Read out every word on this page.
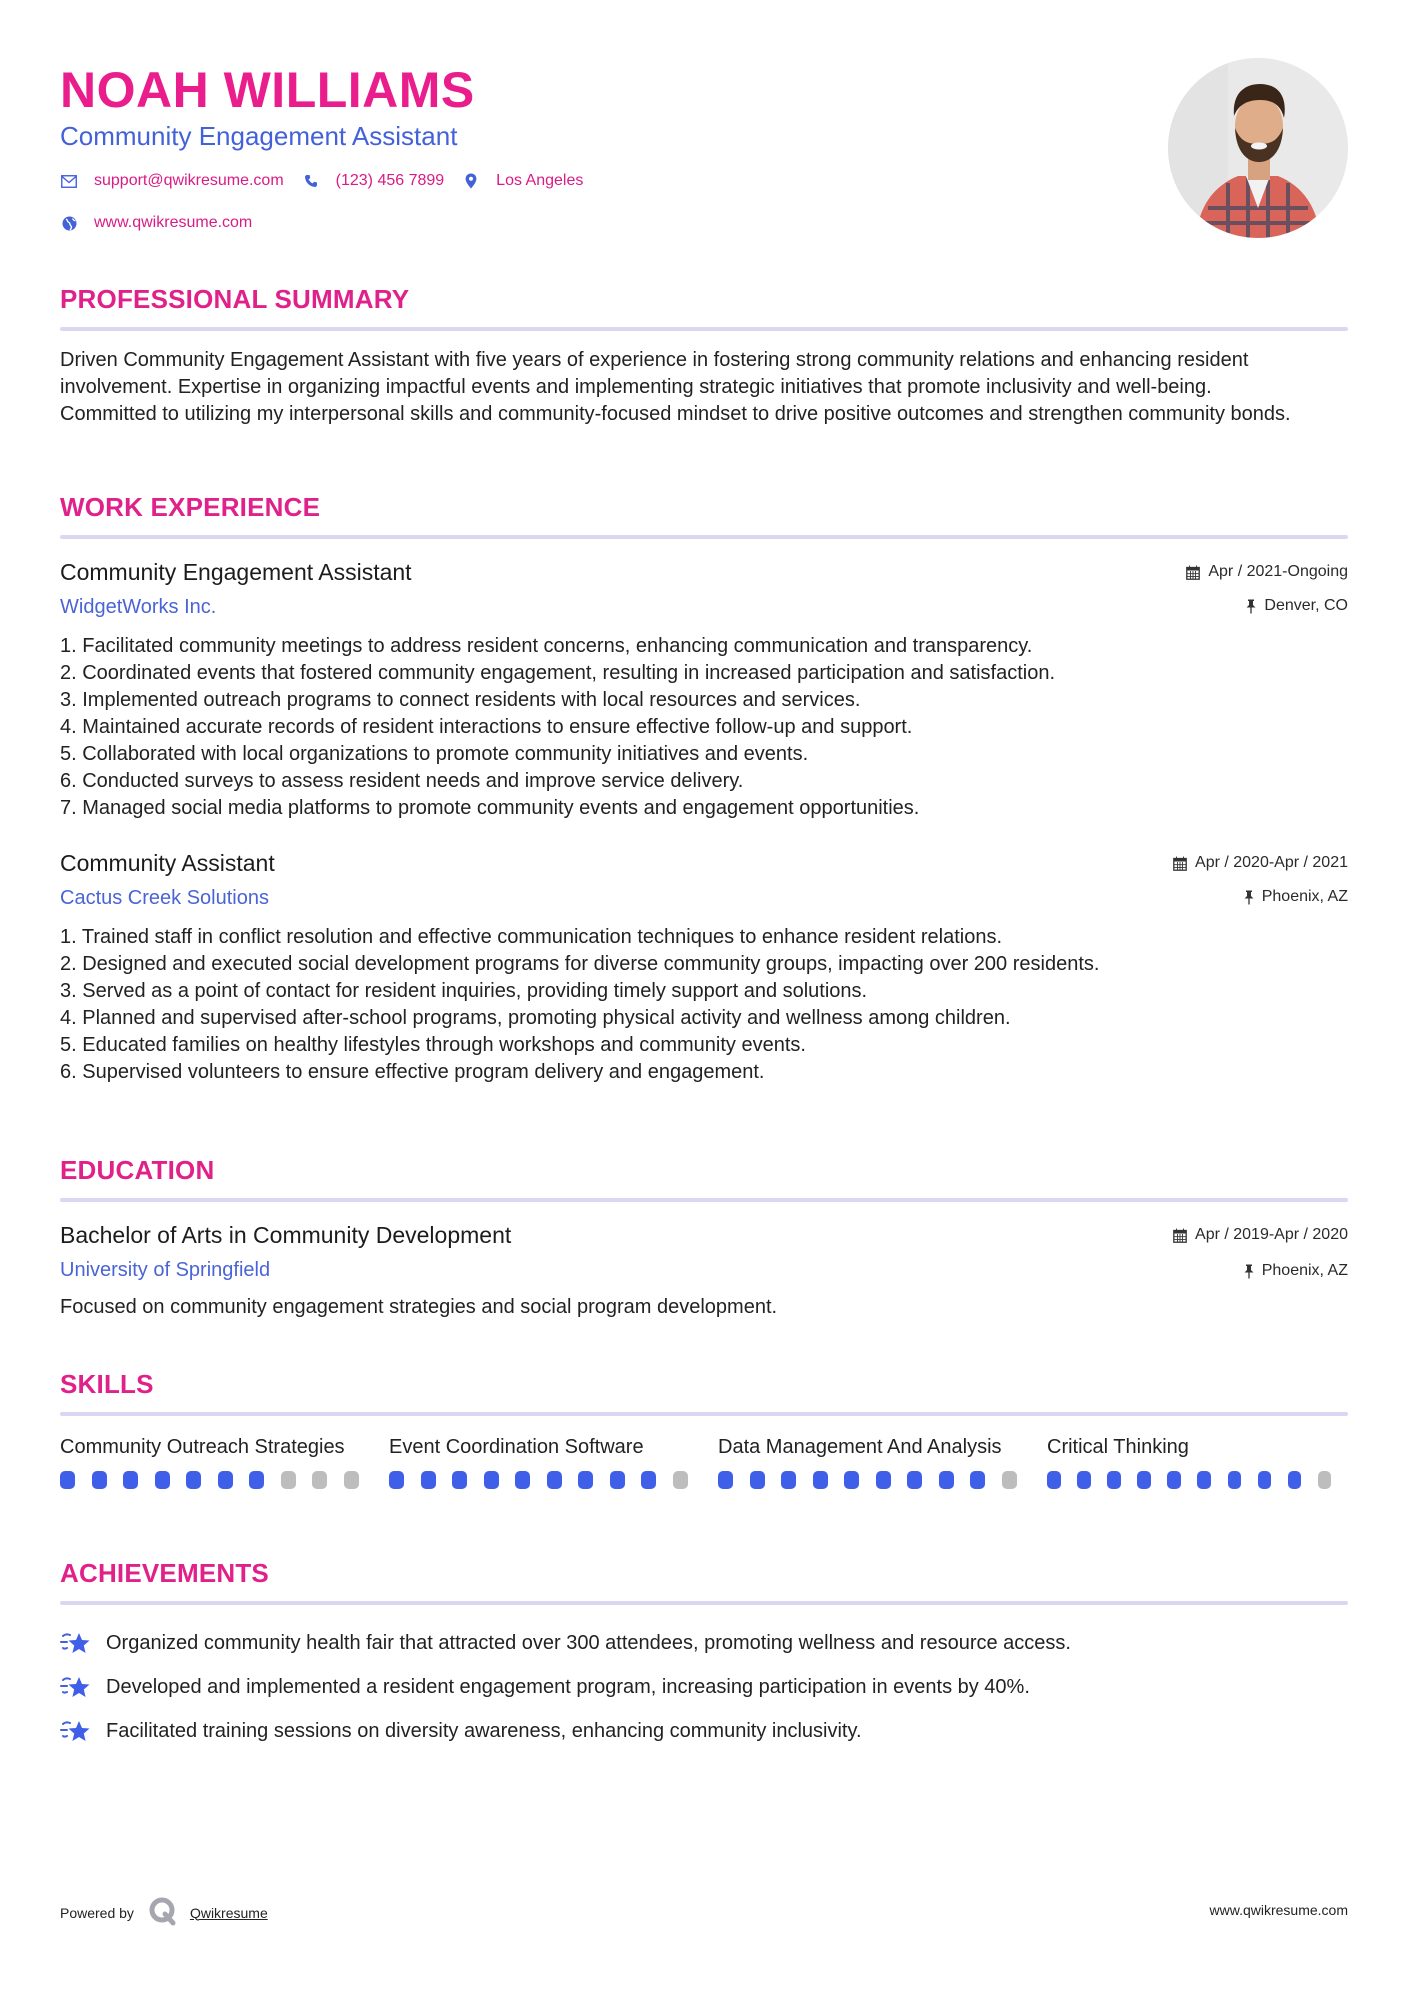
NOAH WILLIAMS
Community Engagement Assistant
support@qwikresume.com	(123) 456 7899	Los Angeles
www.qwikresume.com
PROFESSIONAL SUMMARY
Driven Community Engagement Assistant with five years of experience in fostering strong community relations and enhancing resident involvement. Expertise in organizing impactful events and implementing strategic initiatives that promote inclusivity and well-being. Committed to utilizing my interpersonal skills and community-focused mindset to drive positive outcomes and strengthen community bonds.
WORK EXPERIENCE
Community Engagement Assistant
WidgetWorks Inc.
Apr / 2021-Ongoing
Denver, CO
1. Facilitated community meetings to address resident concerns, enhancing communication and transparency.
2. Coordinated events that fostered community engagement, resulting in increased participation and satisfaction.
3. Implemented outreach programs to connect residents with local resources and services.
4. Maintained accurate records of resident interactions to ensure effective follow-up and support.
5. Collaborated with local organizations to promote community initiatives and events.
6. Conducted surveys to assess resident needs and improve service delivery.
7. Managed social media platforms to promote community events and engagement opportunities.
Community Assistant
Cactus Creek Solutions
Apr / 2020-Apr / 2021
Phoenix, AZ
1. Trained staff in conflict resolution and effective communication techniques to enhance resident relations.
2. Designed and executed social development programs for diverse community groups, impacting over 200 residents.
3. Served as a point of contact for resident inquiries, providing timely support and solutions.
4. Planned and supervised after-school programs, promoting physical activity and wellness among children.
5. Educated families on healthy lifestyles through workshops and community events.
6. Supervised volunteers to ensure effective program delivery and engagement.
EDUCATION
Bachelor of Arts in Community Development
University of Springfield
Apr / 2019-Apr / 2020
Phoenix, AZ
Focused on community engagement strategies and social program development.
SKILLS
Community Outreach Strategies	Event Coordination Software	Data Management And Analysis	Critical Thinking
ACHIEVEMENTS
Organized community health fair that attracted over 300 attendees, promoting wellness and resource access.
Developed and implemented a resident engagement program, increasing participation in events by 40%.
Facilitated training sessions on diversity awareness, enhancing community inclusivity.
Powered by	Qwikresume	www.qwikresume.com
